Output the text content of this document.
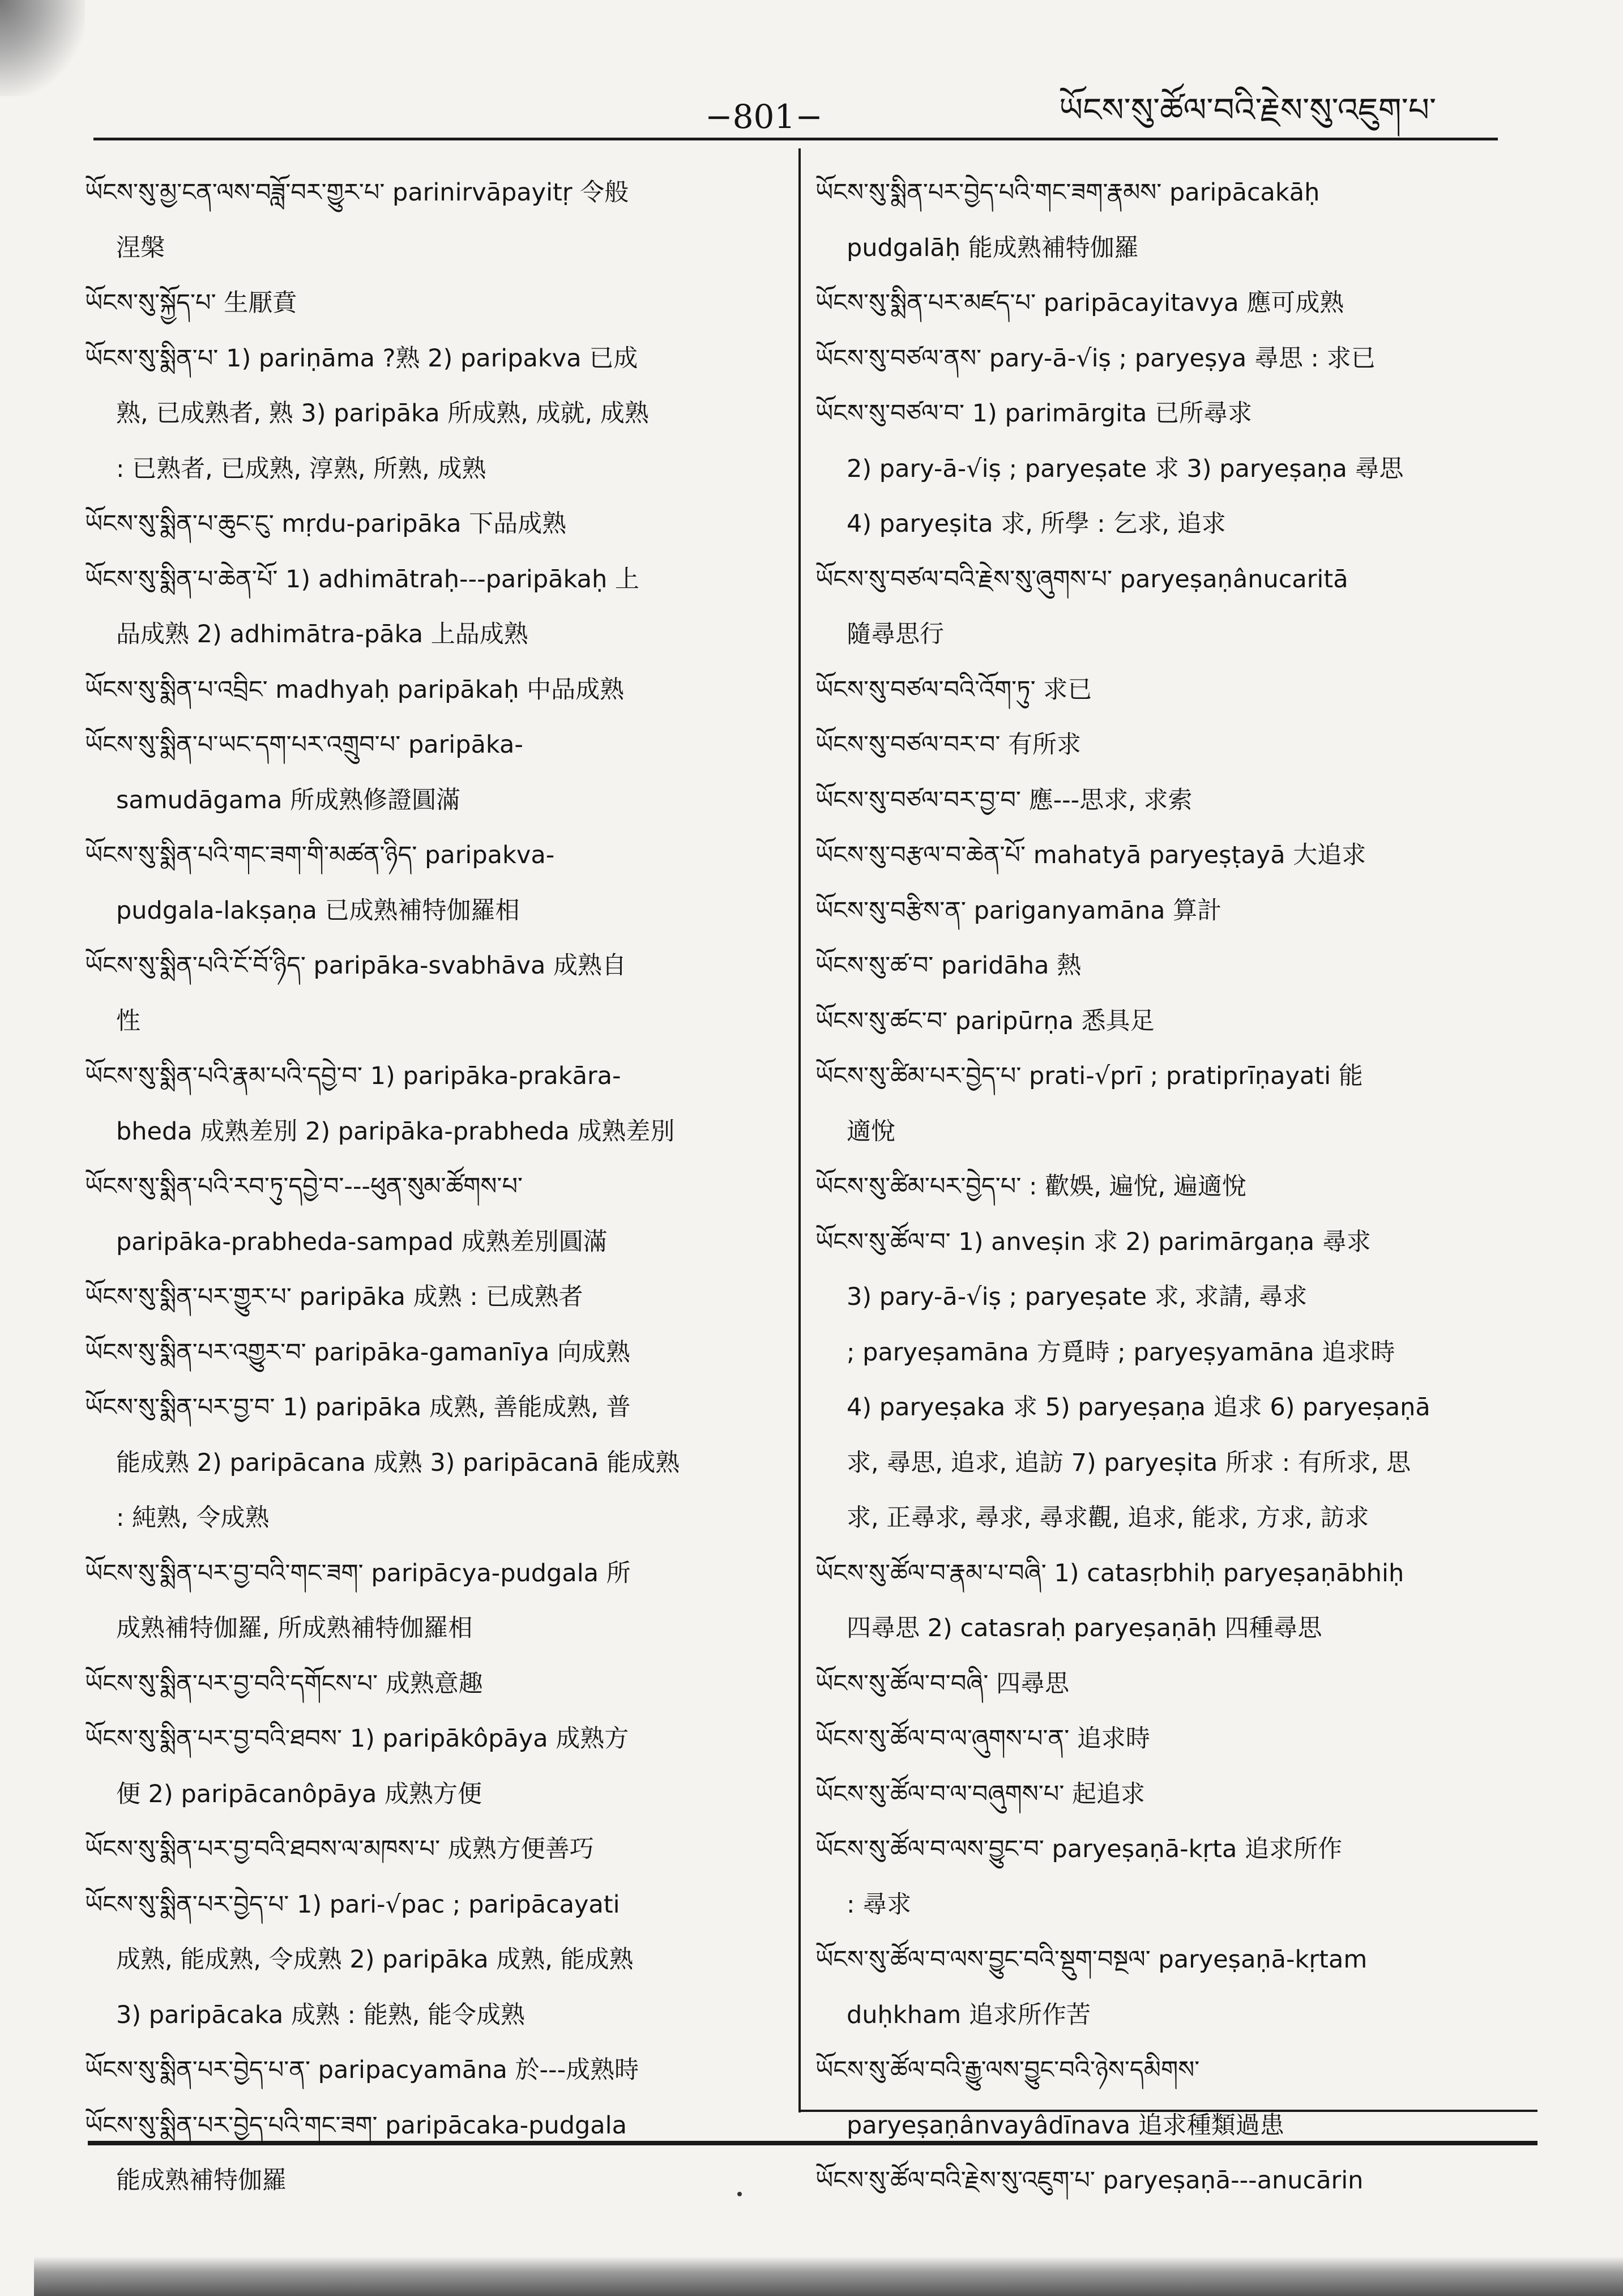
−801−	ཡོངས་སུ་ཚོལ་བའི་རྗེས་སུ་འཇུག་པ་
ཡོངས་སུ་མྱ་ངན་ལས་བཟློ་བར་གྱུར་པ་ parinirvāpayitṛ 令般
涅槃
ཡོངས་སུ་སྐྱོད་པ་ 生厭賁
ཡོངས་སུ་སྨིན་པ་ 1) pariṇāma ?熟 2) paripakva 已成
熟, 已成熟者, 熟 3) paripāka 所成熟, 成就, 成熟
: 已熟者, 已成熟, 淳熟, 所熟, 成熟
ཡོངས་སུ་སྨིན་པ་ཆུང་ངུ་ mṛdu-paripāka 下品成熟
ཡོངས་སུ་སྨིན་པ་ཆེན་པོ་ 1) adhimātraḥ---paripākaḥ 上
品成熟 2) adhimātra-pāka 上品成熟
ཡོངས་སུ་སྨིན་པ་འབྲིང་ madhyaḥ paripākaḥ 中品成熟
ཡོངས་སུ་སྨིན་པ་ཡང་དག་པར་འགྲུབ་པ་ paripāka-
samudāgama 所成熟修證圓滿
ཡོངས་སུ་སྨིན་པའི་གང་ཟག་གི་མཚན་ཉིད་ paripakva-
pudgala-lakṣaṇa 已成熟補特伽羅相
ཡོངས་སུ་སྨིན་པའི་ངོ་བོ་ཉིད་ paripāka-svabhāva 成熟自
性
ཡོངས་སུ་སྨིན་པའི་རྣམ་པའི་དབྱེ་བ་ 1) paripāka-prakāra-
bheda 成熟差別 2) paripāka-prabheda 成熟差別
ཡོངས་སུ་སྨིན་པའི་རབ་ཏུ་དབྱེ་བ་---ཕུན་སུམ་ཚོགས་པ་
paripāka-prabheda-sampad 成熟差別圓滿
ཡོངས་སུ་སྨིན་པར་གྱུར་པ་ paripāka 成熟 : 已成熟者
ཡོངས་སུ་སྨིན་པར་འགྱུར་བ་ paripāka-gamanīya 向成熟
ཡོངས་སུ་སྨིན་པར་བྱ་བ་ 1) paripāka 成熟, 善能成熟, 普
能成熟 2) paripācana 成熟 3) paripācanā 能成熟
: 純熟, 令成熟
ཡོངས་སུ་སྨིན་པར་བྱ་བའི་གང་ཟག་ paripācya-pudgala 所
成熟補特伽羅, 所成熟補特伽羅相
ཡོངས་སུ་སྨིན་པར་བྱ་བའི་དགོངས་པ་ 成熟意趣
ཡོངས་སུ་སྨིན་པར་བྱ་བའི་ཐབས་ 1) paripākôpāya 成熟方
便 2) paripācanôpāya 成熟方便
ཡོངས་སུ་སྨིན་པར་བྱ་བའི་ཐབས་ལ་མཁས་པ་ 成熟方便善巧
ཡོངས་སུ་སྨིན་པར་བྱེད་པ་ 1) pari-√pac ; paripācayati
成熟, 能成熟, 令成熟 2) paripāka 成熟, 能成熟
3) paripācaka 成熟 : 能熟, 能令成熟
ཡོངས་སུ་སྨིན་པར་བྱེད་པ་ན་ paripacyamāna 於---成熟時
ཡོངས་སུ་སྨིན་པར་བྱེད་པའི་གང་ཟག་ paripācaka-pudgala
能成熟補特伽羅
ཡོངས་སུ་སྨིན་པར་བྱེད་པའི་གང་ཟག་རྣམས་ paripācakāḥ
pudgalāḥ 能成熟補特伽羅
ཡོངས་སུ་སྨིན་པར་མཛད་པ་ paripācayitavya 應可成熟
ཡོངས་སུ་བཙལ་ནས་ pary-ā-√iṣ ; paryeṣya 尋思 : 求已
ཡོངས་སུ་བཙལ་བ་ 1) parimārgita 已所尋求
2) pary-ā-√iṣ ; paryeṣate 求 3) paryeṣaṇa 尋思
4) paryeṣita 求, 所學 : 乞求, 追求
ཡོངས་སུ་བཙལ་བའི་རྗེས་སུ་ཞུགས་པ་ paryeṣaṇânucaritā
隨尋思行
ཡོངས་སུ་བཙལ་བའི་འོག་ཏུ་ 求已
ཡོངས་སུ་བཙལ་བར་བ་ 有所求
ཡོངས་སུ་བཙལ་བར་བྱ་བ་ 應---思求, 求索
ཡོངས་སུ་བརྩལ་བ་ཆེན་པོ་ mahatyā paryeṣṭayā 大追求
ཡོངས་སུ་བརྩིས་ན་ pariganyamāna 算計
ཡོངས་སུ་ཚ་བ་ paridāha 熱
ཡོངས་སུ་ཚང་བ་ paripūrṇa 悉具足
ཡོངས་སུ་ཚིམ་པར་བྱེད་པ་ prati-√prī ; pratiprīṇayati 能
適悅
ཡོངས་སུ་ཚིམ་པར་བྱེད་པ་ : 歡娛, 遍悅, 遍適悅
ཡོངས་སུ་ཚོལ་བ་ 1) anveṣin 求 2) parimārgaṇa 尋求
3) pary-ā-√iṣ ; paryeṣate 求, 求請, 尋求
; paryeṣamāna 方覓時 ; paryeṣyamāna 追求時
4) paryeṣaka 求 5) paryeṣaṇa 追求 6) paryeṣaṇā
求, 尋思, 追求, 追訪 7) paryeṣita 所求 : 有所求, 思
求, 正尋求, 尋求, 尋求觀, 追求, 能求, 方求, 訪求
ཡོངས་སུ་ཚོལ་བ་རྣམ་པ་བཞི་ 1) catasṛbhiḥ paryeṣaṇābhiḥ
四尋思 2) catasraḥ paryeṣaṇāḥ 四種尋思
ཡོངས་སུ་ཚོལ་བ་བཞི་ 四尋思
ཡོངས་སུ་ཚོལ་བ་ལ་ཞུགས་པ་ན་ 追求時
ཡོངས་སུ་ཚོལ་བ་ལ་བཞུགས་པ་ 起追求
ཡོངས་སུ་ཚོལ་བ་ལས་བྱུང་བ་ paryeṣaṇā-kṛta 追求所作
: 尋求
ཡོངས་སུ་ཚོལ་བ་ལས་བྱུང་བའི་སྡུག་བསྔལ་ paryeṣaṇā-kṛtam
duḥkham 追求所作苦
ཡོངས་སུ་ཚོལ་བའི་རྒྱུ་ལས་བྱུང་བའི་ཉེས་དམིགས་
paryeṣaṇânvayâdīnava 追求種類過患
ཡོངས་སུ་ཚོལ་བའི་རྗེས་སུ་འཇུག་པ་ paryeṣaṇā---anucārin
